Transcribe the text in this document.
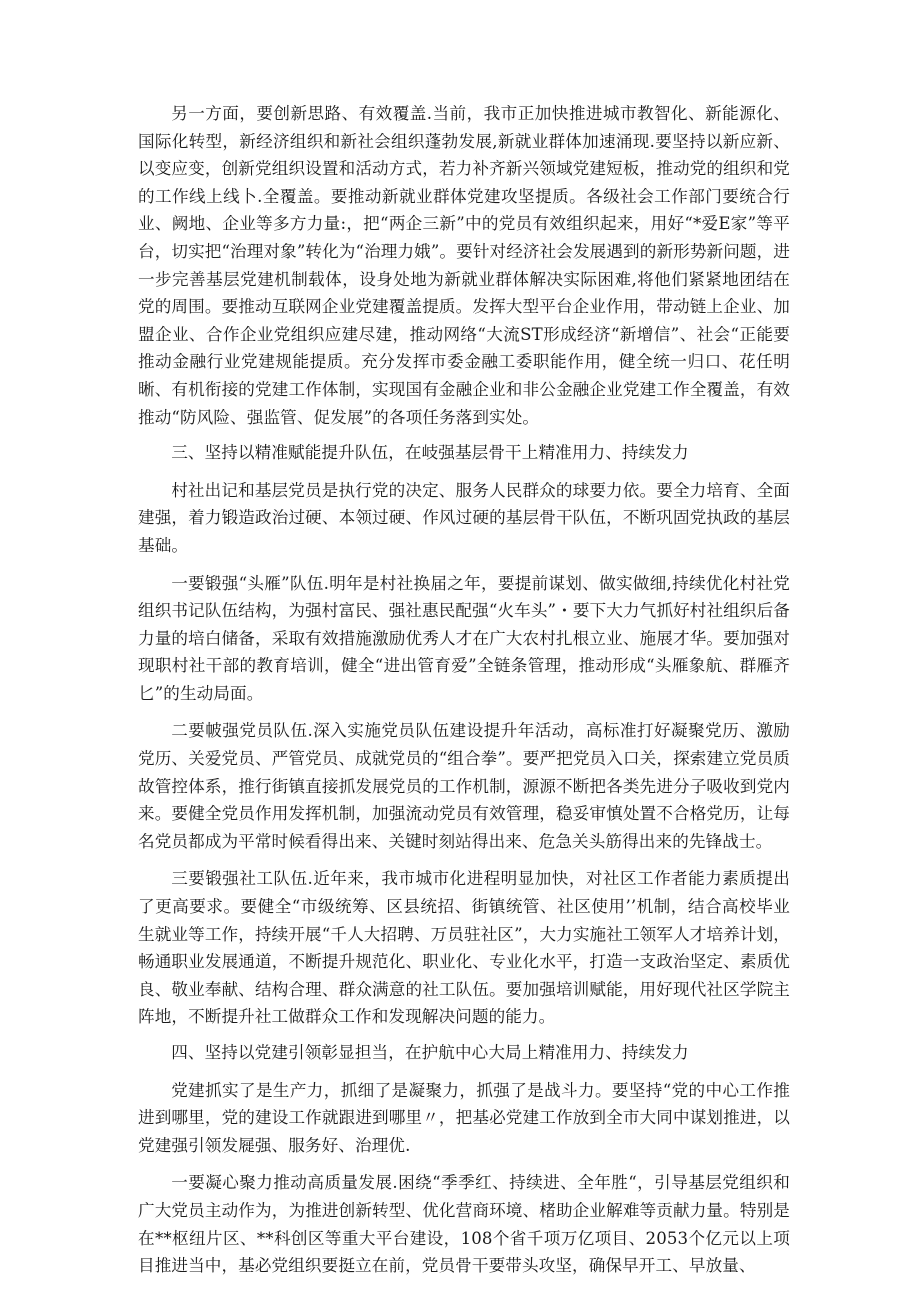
另一方面，要创新思路、有效覆盖.当前，我市正加快推进城市教智化、新能源化、国际化转型，新经济组织和新社会组织蓬勃发展,新就业群体加速涌现.要坚持以新应新、以变应变，创新党组织设置和活动方式，若力补齐新兴领域党建短板，推动党的组织和党的工作线上线卜.全覆盖。要推动新就业群体党建攻坚提质。各级社会工作部门要统合行业、阙地、企业等多方力量:，把“两企三新”中的党员有效组织起来，用好“*爱E家”等平台，切实把“治理对象”转化为“治理力娥”。要针对经济社会发展遇到的新形势新问题，进一步完善基层党建机制载体，设身处地为新就业群体解决实际困难,将他们紧紧地团结在党的周围。要推动互联网企业党建覆盖提质。发挥大型平台企业作用，带动链上企业、加盟企业、合作企业党组织应建尽建，推动网络“大流ST形成经济“新增信”、社会“正能要推动金融行业党建规能提质。充分发挥市委金融工委职能作用，健全统一归口、花任明晰、有机衔接的党建工作体制，实现国有金融企业和非公金融企业党建工作全覆盖，有效推动“防风险、强监管、促发展”的各项任务落到实处。

三、坚持以精准赋能提升队伍，在岐强基层骨干上精准用力、持续发力

村社出记和基层党员是执行党的决定、服务人民群众的球要力依。要全力培育、全面建强，着力锻造政治过硬、本领过硬、作风过硬的基层骨干队伍，不断巩固党执政的基层基础。

一要锻强“头雁”队伍.明年是村社换届之年，要提前谋划、做实做细,持续优化村社党组织书记队伍结构，为强村富民、强社惠民配强“火车头”・要下大力气抓好村社组织后备力量的培白储备，采取有效措施激励优秀人才在广大农村扎根立业、施展才华。要加强对现职村社干部的教育培训，健全“进出管育爱”全链条管理，推动形成“头雁象航、群雁齐匕”的生动局面。

二要帔强党员队伍.深入实施党员队伍建设提升年活动，高标准打好凝聚党历、激励党历、关爱党员、严管党员、成就党员的“组合拳”。要严把党员入口关，探索建立党员质故管控体系，推行街镇直接抓发展党员的工作机制，源源不断把各类先进分子吸收到党内来。要健全党员作用发挥机制，加强流动党员有效管理，稳妥审慎处置不合格党历，让每名党员都成为平常时候看得出来、关键时刻站得出来、危急关头筋得出来的先锋战士。

三要锻强社工队伍.近年来，我市城市化进程明显加快，对社区工作者能力素质提出了更高要求。要健全“市级统筹、区县统招、街镇统管、社区使用’’机制，结合高校毕业生就业等工作，持续开展“千人大招聘、万员驻社区”，大力实施社工领军人才培养计划，畅通职业发展通道，不断提升规范化、职业化、专业化水平，打造一支政治坚定、素质优良、敬业奉献、结构合理、群众满意的社工队伍。要加强培训赋能，用好现代社区学院主阵地，不断提升社工做群众工作和发现解决问题的能力。

四、坚持以党建引领彰显担当，在护航中心大局上精准用力、持续发力

党建抓实了是生产力，抓细了是凝聚力，抓强了是战斗力。要坚持“党的中心工作推进到哪里，党的建设工作就跟进到哪里〃，把基必党建工作放到全市大同中谋划推进，以党建强引领发屣强、服务好、治理优.

一要凝心聚力推动高质量发展.困绕“季季红、持续进、全年胜“，引导基层党组织和广大党员主动作为，为推进创新转型、优化营商环境、楮助企业解难等贡献力量。特别是在**枢纽片区、**科创区等重大平台建设，108个省千项万亿项目、2053个亿元以上项目推进当中，基必党组织要挺立在前，党员骨干要带头攻坚，确保早开工、早放量、
